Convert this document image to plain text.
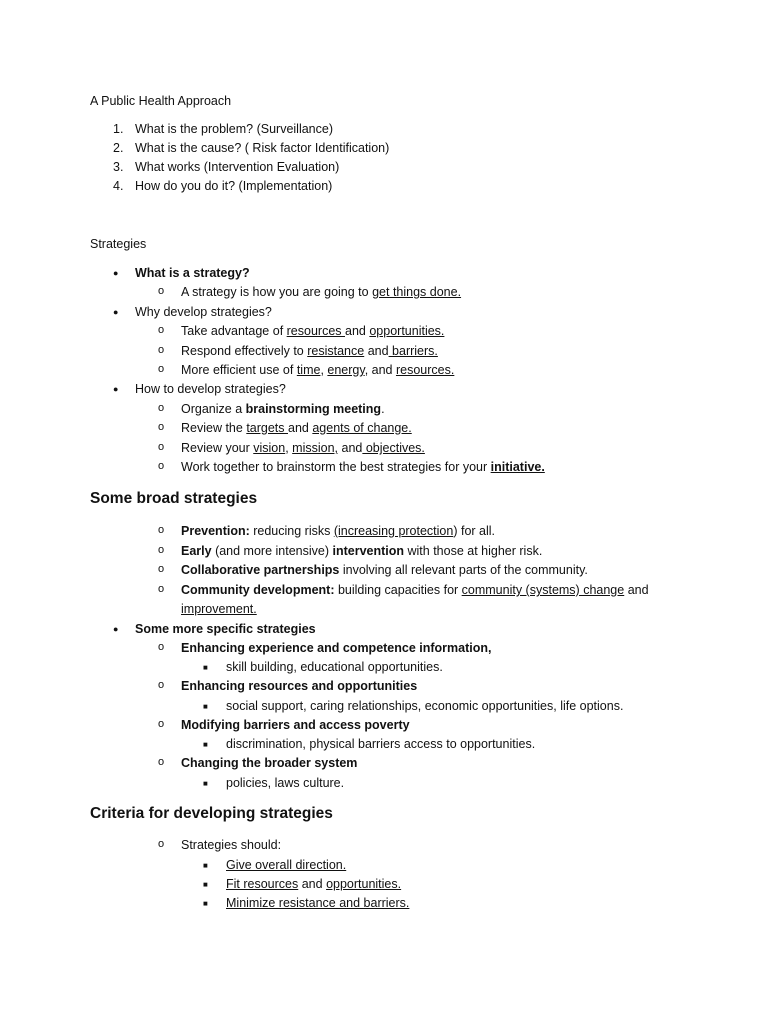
A Public Health Approach
1. What is the problem? (Surveillance)
2. What is the cause? ( Risk factor Identification)
3. What works (Intervention Evaluation)
4. How do you do it? (Implementation)
Strategies
● What is a strategy?
o A strategy is how you are going to get things done.
● Why develop strategies?
o Take advantage of resources and opportunities.
o Respond effectively to resistance and barriers.
o More efficient use of time, energy, and resources.
● How to develop strategies?
o Organize a brainstorming meeting.
o Review the targets and agents of change.
o Review your vision, mission, and objectives.
o Work together to brainstorm the best strategies for your initiative.
Some broad strategies
o Prevention: reducing risks (increasing protection) for all.
o Early (and more intensive) intervention with those at higher risk.
o Collaborative partnerships involving all relevant parts of the community.
o Community development: building capacities for community (systems) change and
improvement.
● Some more specific strategies
o Enhancing experience and competence information,
■ skill building, educational opportunities.
o Enhancing resources and opportunities
■ social support, caring relationships, economic opportunities, life options.
o Modifying barriers and access poverty
■ discrimination, physical barriers access to opportunities.
o Changing the broader system
■ policies, laws culture.
Criteria for developing strategies
o Strategies should:
■ Give overall direction.
■ Fit resources and opportunities.
■ Minimize resistance and barriers.
